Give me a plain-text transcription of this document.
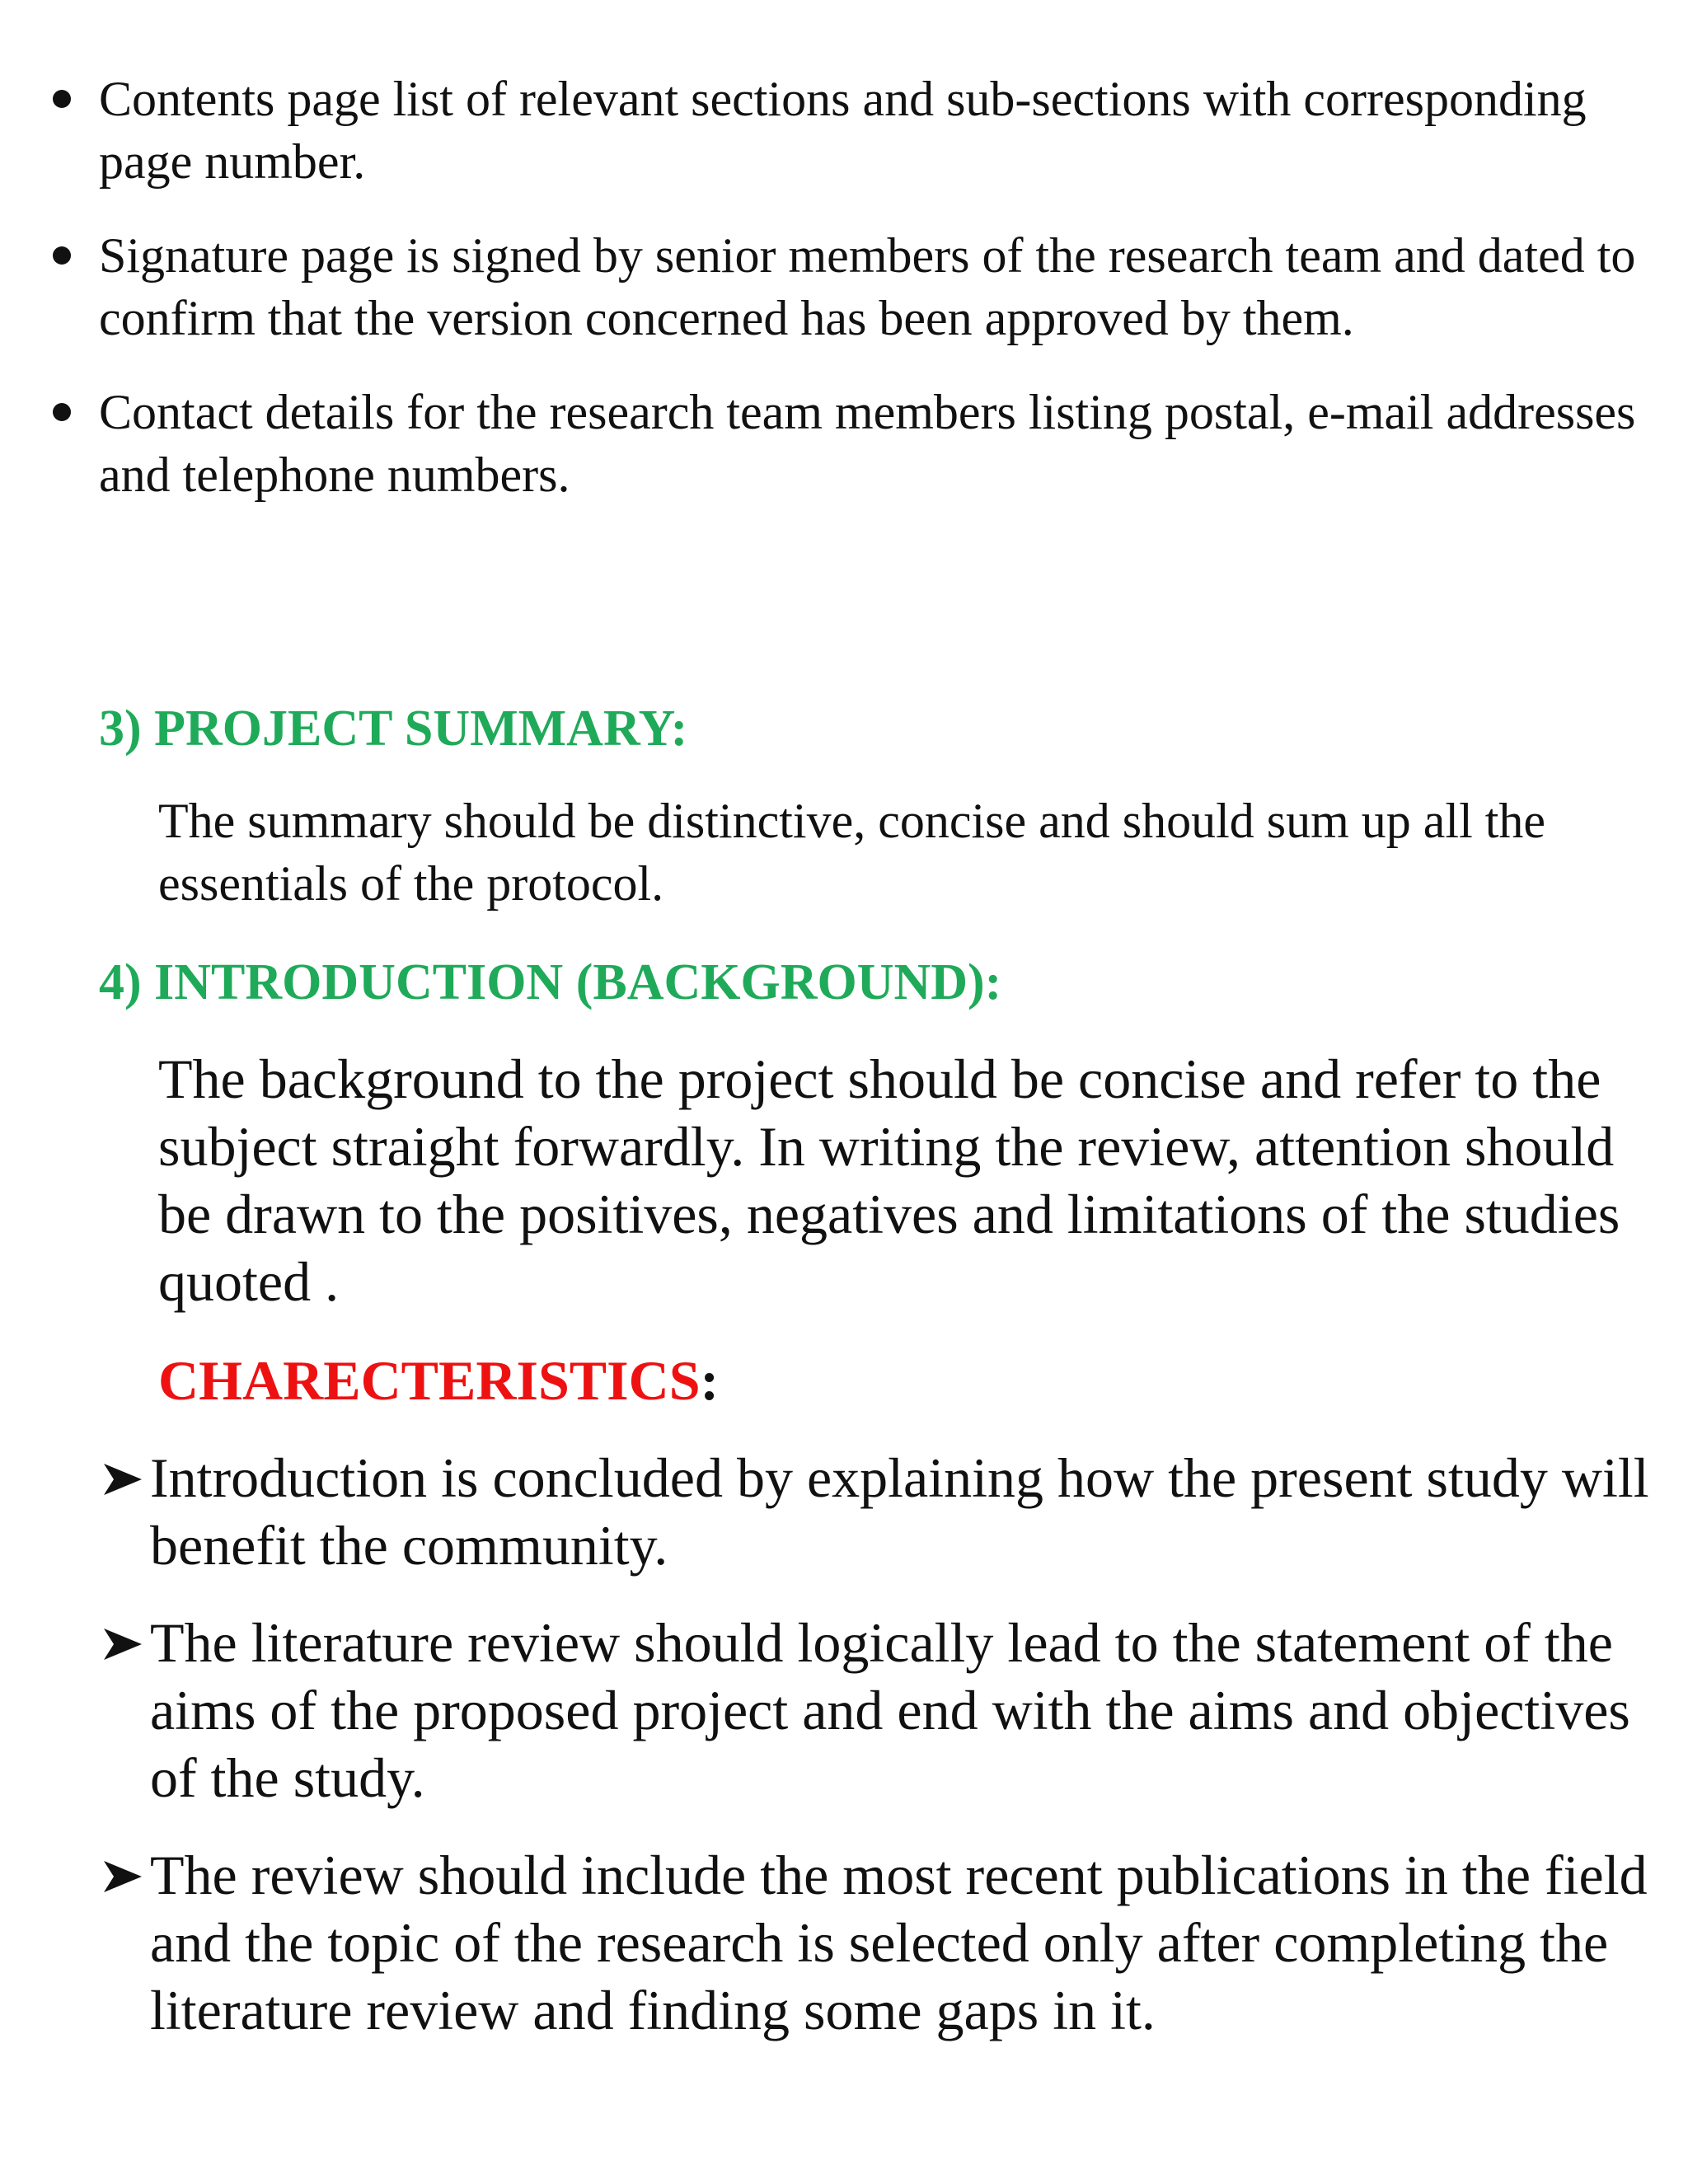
Contents page list of relevant sections and sub-sections with corresponding page number.
Signature page is signed by senior members of the research team and dated to confirm that the version concerned has been approved by them.
Contact details for the research team members listing postal, e-mail addresses and telephone numbers.
3) PROJECT SUMMARY:
The summary should be distinctive, concise and should sum up all the essentials of the protocol.
4) INTRODUCTION (BACKGROUND):
The background to the project should be concise and refer to the subject straight forwardly. In writing the review, attention should be drawn to the positives, negatives and limitations of the studies quoted .
CHARECTERISTICS:
Introduction is concluded by explaining how the present study will benefit the community.
The literature review should logically lead to the statement of the aims of the proposed project and end with the aims and objectives of the study.
The review should include the most recent publications in the field and the topic of the research is selected only after completing the literature review and finding some gaps in it.
